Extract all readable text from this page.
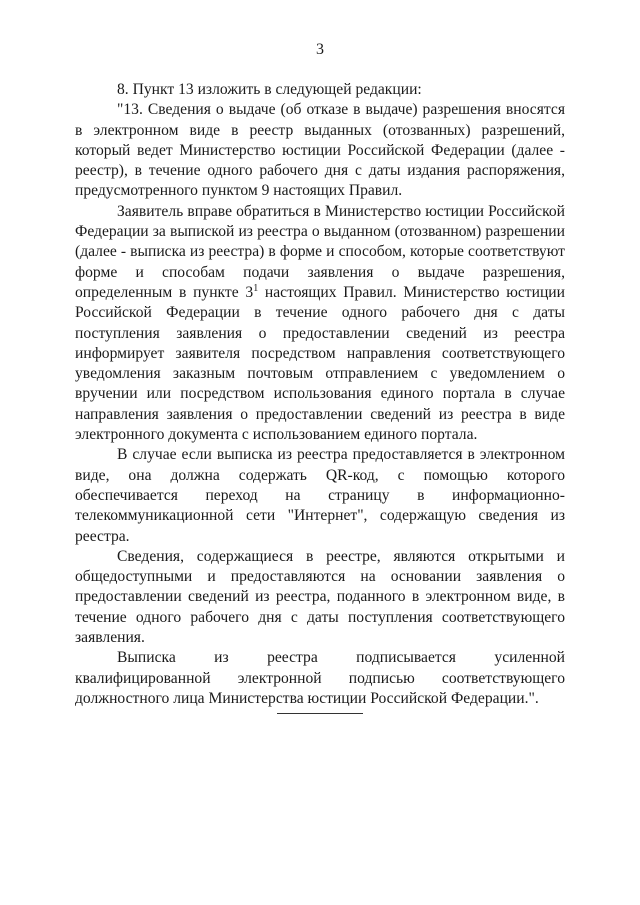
3

8. Пункт 13 изложить в следующей редакции:

"13. Сведения о выдаче (об отказе в выдаче) разрешения вносятся в электронном виде в реестр выданных (отозванных) разрешений, который ведет Министерство юстиции Российской Федерации (далее - реестр), в течение одного рабочего дня с даты издания распоряжения, предусмотренного пунктом 9 настоящих Правил.

Заявитель вправе обратиться в Министерство юстиции Российской Федерации за выпиской из реестра о выданном (отозванном) разрешении (далее - выписка из реестра) в форме и способом, которые соответствуют форме и способам подачи заявления о выдаче разрешения, определенным в пункте $3^1$ настоящих Правил. Министерство юстиции Российской Федерации в течение одного рабочего дня с даты поступления заявления о предоставлении сведений из реестра информирует заявителя посредством направления соответствующего уведомления заказным почтовым отправлением с уведомлением о вручении или посредством использования единого портала в случае направления заявления о предоставлении сведений из реестра в виде электронного документа с использованием единого портала.

В случае если выписка из реестра предоставляется в электронном виде, она должна содержать QR-код, с помощью которого обеспечивается переход на страницу в информационно-телекоммуникационной сети "Интернет", содержащую сведения из реестра.

Сведения, содержащиеся в реестре, являются открытыми и общедоступными и предоставляются на основании заявления о предоставлении сведений из реестра, поданного в электронном виде, в течение одного рабочего дня с даты поступления соответствующего заявления.

Выписка из реестра подписывается усиленной квалифицированной электронной подписью соответствующего должностного лица Министерства юстиции Российской Федерации.".
